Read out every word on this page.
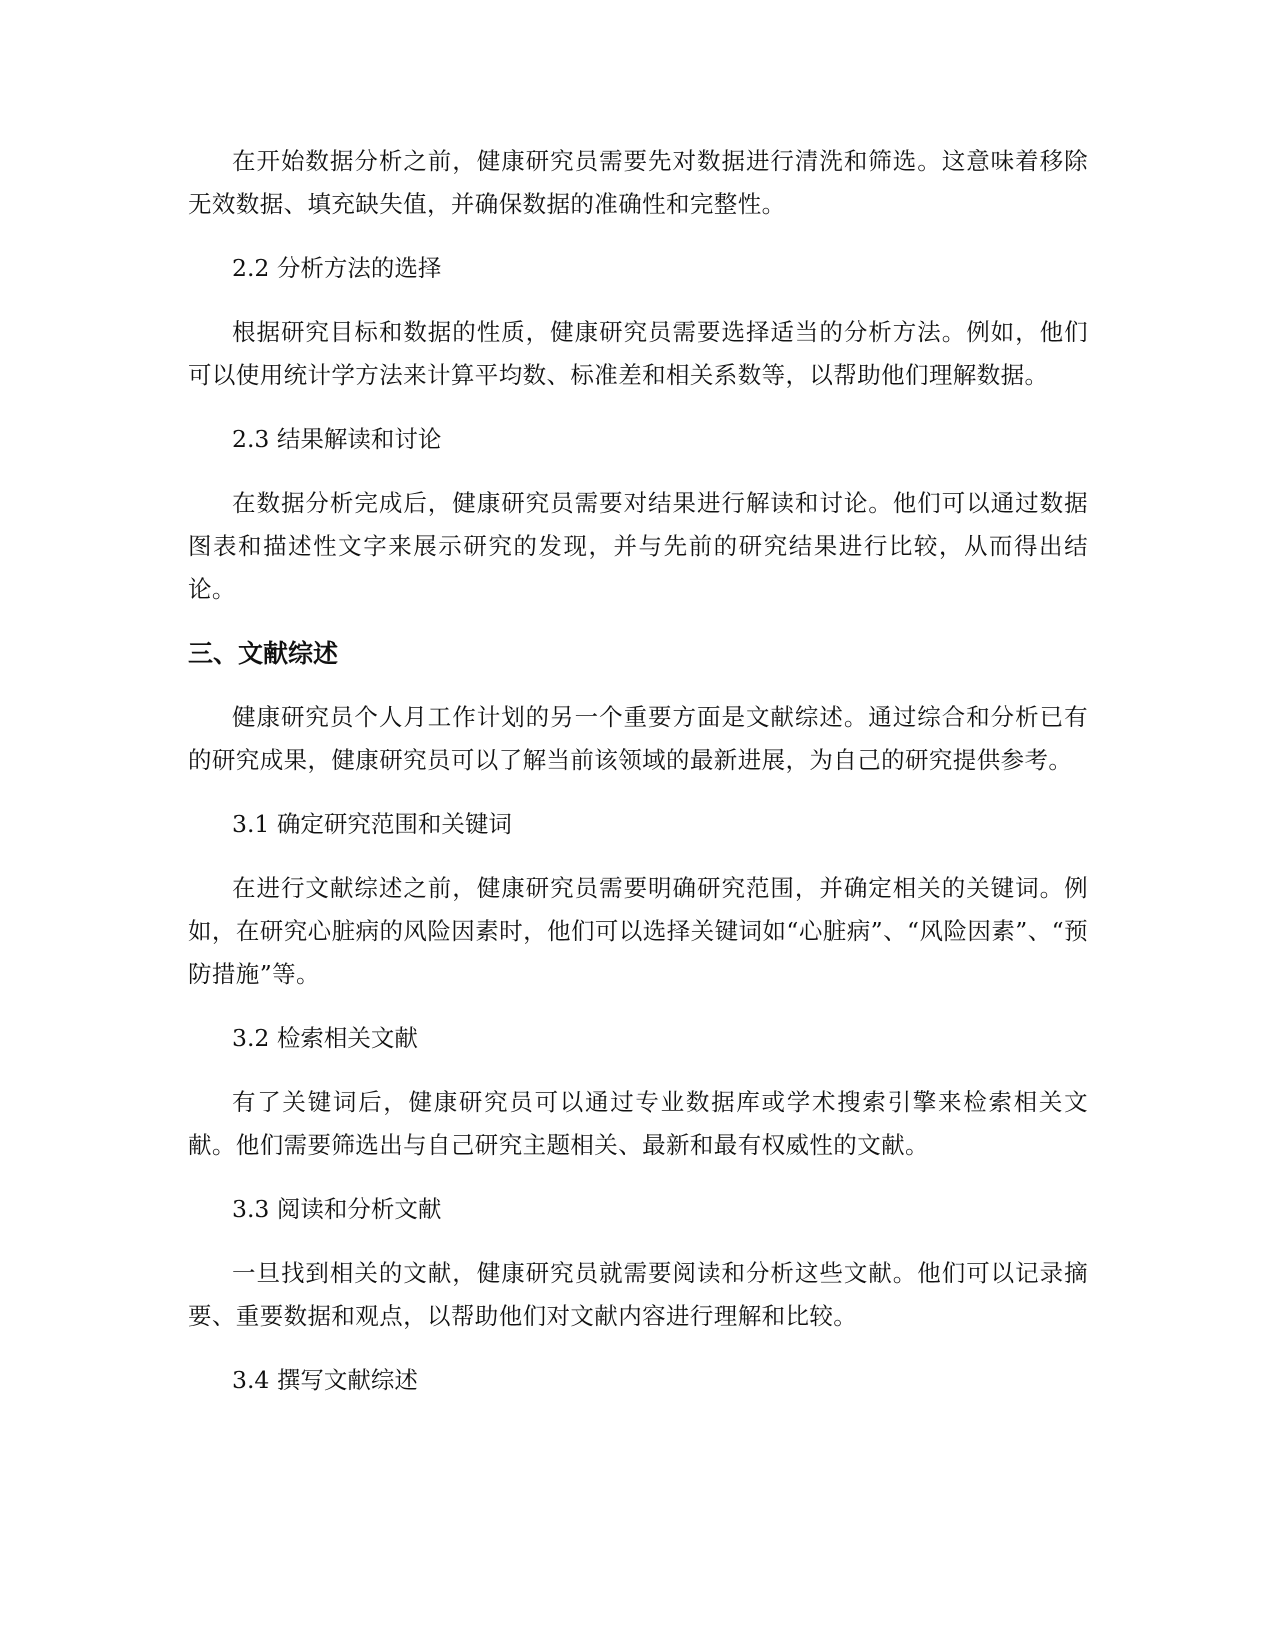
在开始数据分析之前，健康研究员需要先对数据进行清洗和筛选。这意味着移除无效数据、填充缺失值，并确保数据的准确性和完整性。

2.2 分析方法的选择

根据研究目标和数据的性质，健康研究员需要选择适当的分析方法。例如，他们可以使用统计学方法来计算平均数、标准差和相关系数等，以帮助他们理解数据。

2.3 结果解读和讨论

在数据分析完成后，健康研究员需要对结果进行解读和讨论。他们可以通过数据图表和描述性文字来展示研究的发现，并与先前的研究结果进行比较，从而得出结论。

三、文献综述

健康研究员个人月工作计划的另一个重要方面是文献综述。通过综合和分析已有的研究成果，健康研究员可以了解当前该领域的最新进展，为自己的研究提供参考。

3.1 确定研究范围和关键词

在进行文献综述之前，健康研究员需要明确研究范围，并确定相关的关键词。例如，在研究心脏病的风险因素时，他们可以选择关键词如“心脏病”、“风险因素”、“预防措施”等。

3.2 检索相关文献

有了关键词后，健康研究员可以通过专业数据库或学术搜索引擎来检索相关文献。他们需要筛选出与自己研究主题相关、最新和最有权威性的文献。

3.3 阅读和分析文献

一旦找到相关的文献，健康研究员就需要阅读和分析这些文献。他们可以记录摘要、重要数据和观点，以帮助他们对文献内容进行理解和比较。

3.4 撰写文献综述
